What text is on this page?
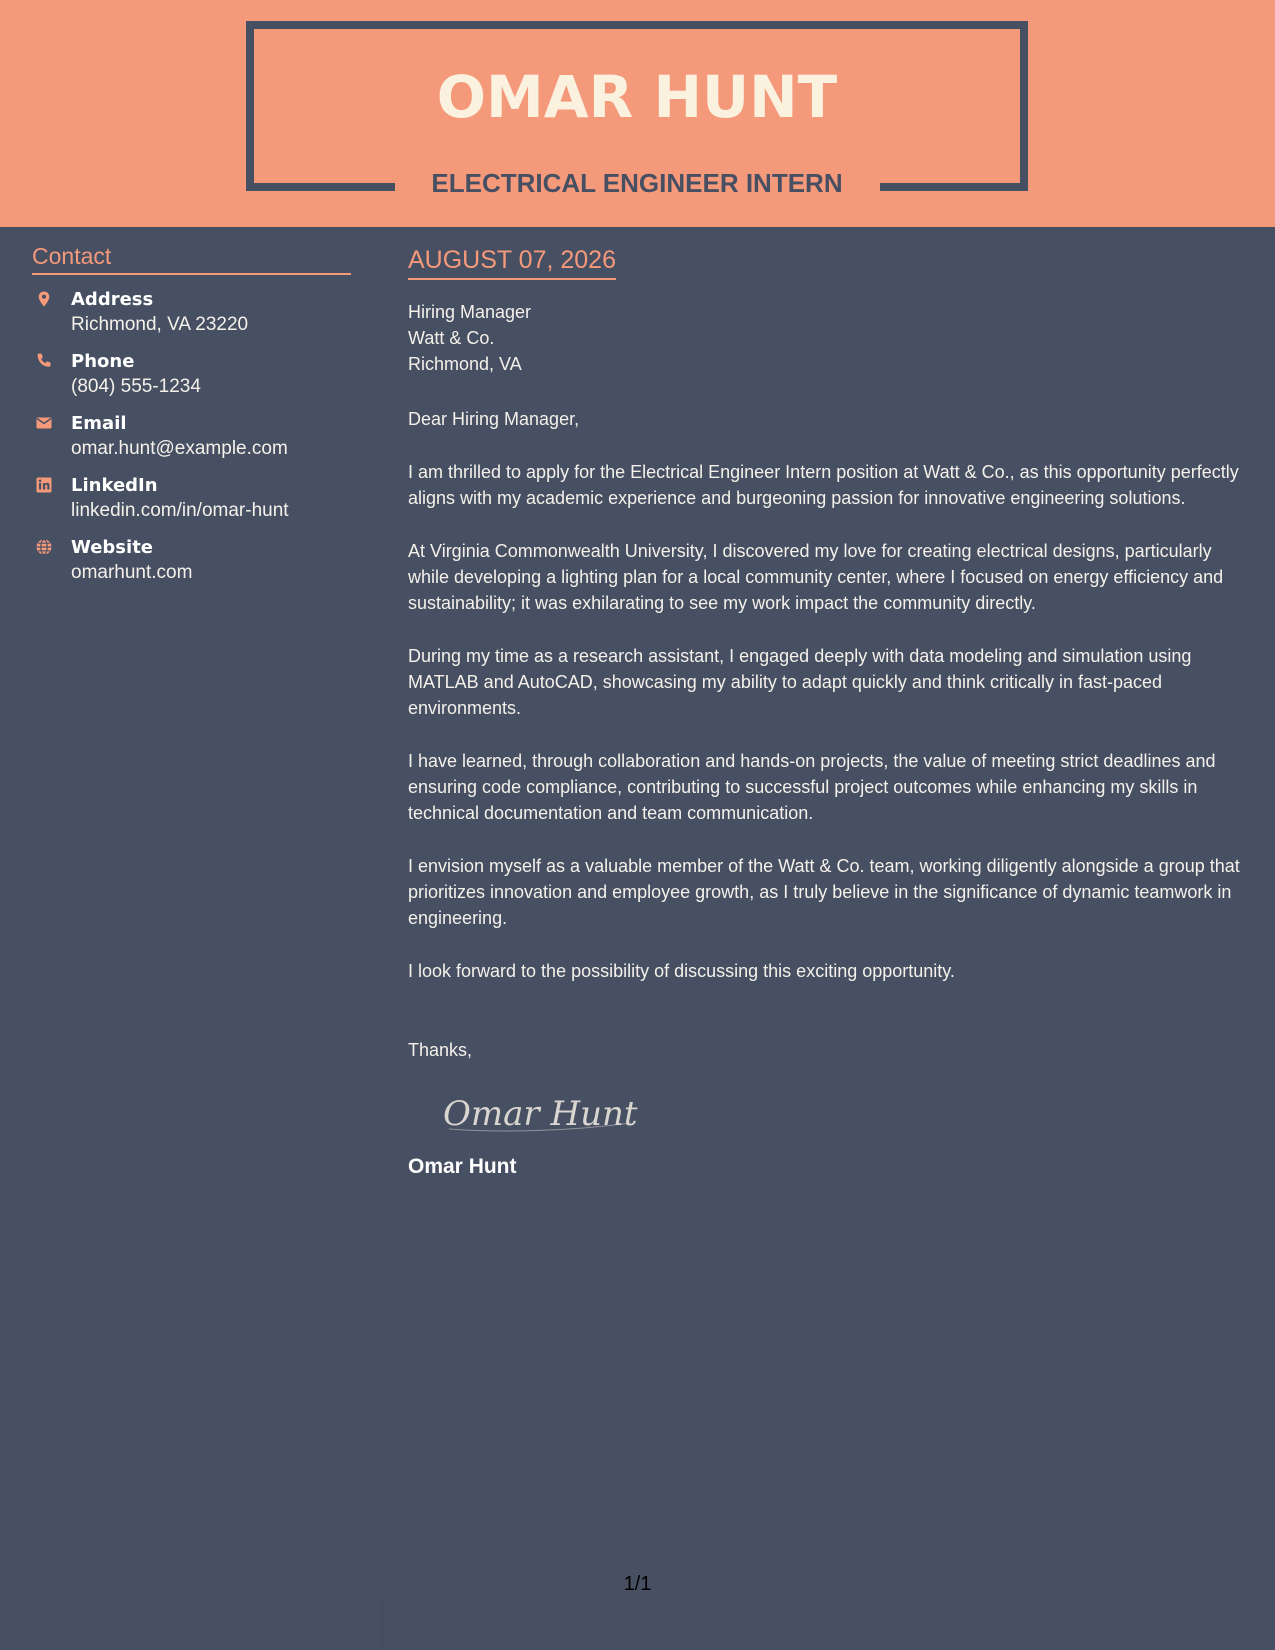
OMAR HUNT
ELECTRICAL ENGINEER INTERN
Contact
Address
Richmond, VA 23220
Phone
(804) 555-1234
Email
omar.hunt@example.com
LinkedIn
linkedin.com/in/omar-hunt
Website
omarhunt.com
AUGUST 07, 2026
Hiring Manager
Watt & Co.
Richmond, VA
Dear Hiring Manager,
I am thrilled to apply for the Electrical Engineer Intern position at Watt & Co., as this opportunity perfectly aligns with my academic experience and burgeoning passion for innovative engineering solutions.
At Virginia Commonwealth University, I discovered my love for creating electrical designs, particularly while developing a lighting plan for a local community center, where I focused on energy efficiency and sustainability; it was exhilarating to see my work impact the community directly.
During my time as a research assistant, I engaged deeply with data modeling and simulation using MATLAB and AutoCAD, showcasing my ability to adapt quickly and think critically in fast-paced environments.
I have learned, through collaboration and hands-on projects, the value of meeting strict deadlines and ensuring code compliance, contributing to successful project outcomes while enhancing my skills in technical documentation and team communication.
I envision myself as a valuable member of the Watt & Co. team, working diligently alongside a group that prioritizes innovation and employee growth, as I truly believe in the significance of dynamic teamwork in engineering.
I look forward to the possibility of discussing this exciting opportunity.
Thanks,
Omar Hunt
Omar Hunt
1/1
